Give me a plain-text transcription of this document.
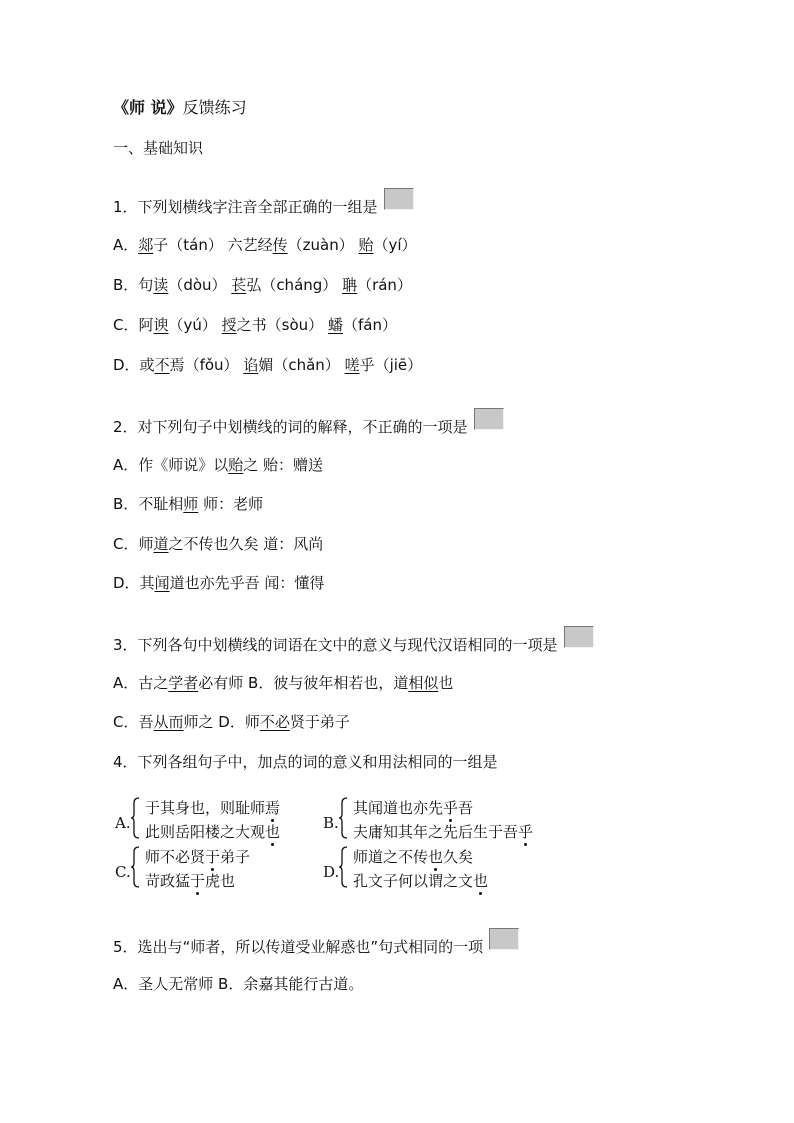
《师 说》反馈练习
一、基础知识
1．下列划横线字注音全部正确的一组是
A．郯子（tán） 六艺经传（zuàn） 贻（yí）
B．句读（dòu） 苌弘（cháng） 聃（rán）
C．阿谀（yú） 授之书（sòu） 蟠（fán）
D．或不焉（fǒu） 谄媚（chǎn） 嗟乎（jiē）
2．对下列句子中划横线的词的解释，不正确的一项是
A．作《师说》以贻之 贻：赠送
B．不耻相师 师：老师
C．师道之不传也久矣 道：风尚
D．其闻道也亦先乎吾 闻：懂得
3．下列各句中划横线的词语在文中的意义与现代汉语相同的一项是
A．古之学者必有师 B．彼与彼年相若也，道相似也
C．吾从而师之 D．师不必贤于弟子
4．下列各组句子中，加点的词的意义和用法相同的一组是
A.
于其身也，则耻师焉
此则岳阳楼之大观也	B.
其闻道也亦先乎吾
夫庸知其年之先后生于吾乎
C.
师不必贤于弟子
苛政猛于虎也	D.
师道之不传也久矣
孔文子何以谓之文也
5．选出与“师者，所以传道受业解惑也”句式相同的一项
A．圣人无常师 B．余嘉其能行古道。
